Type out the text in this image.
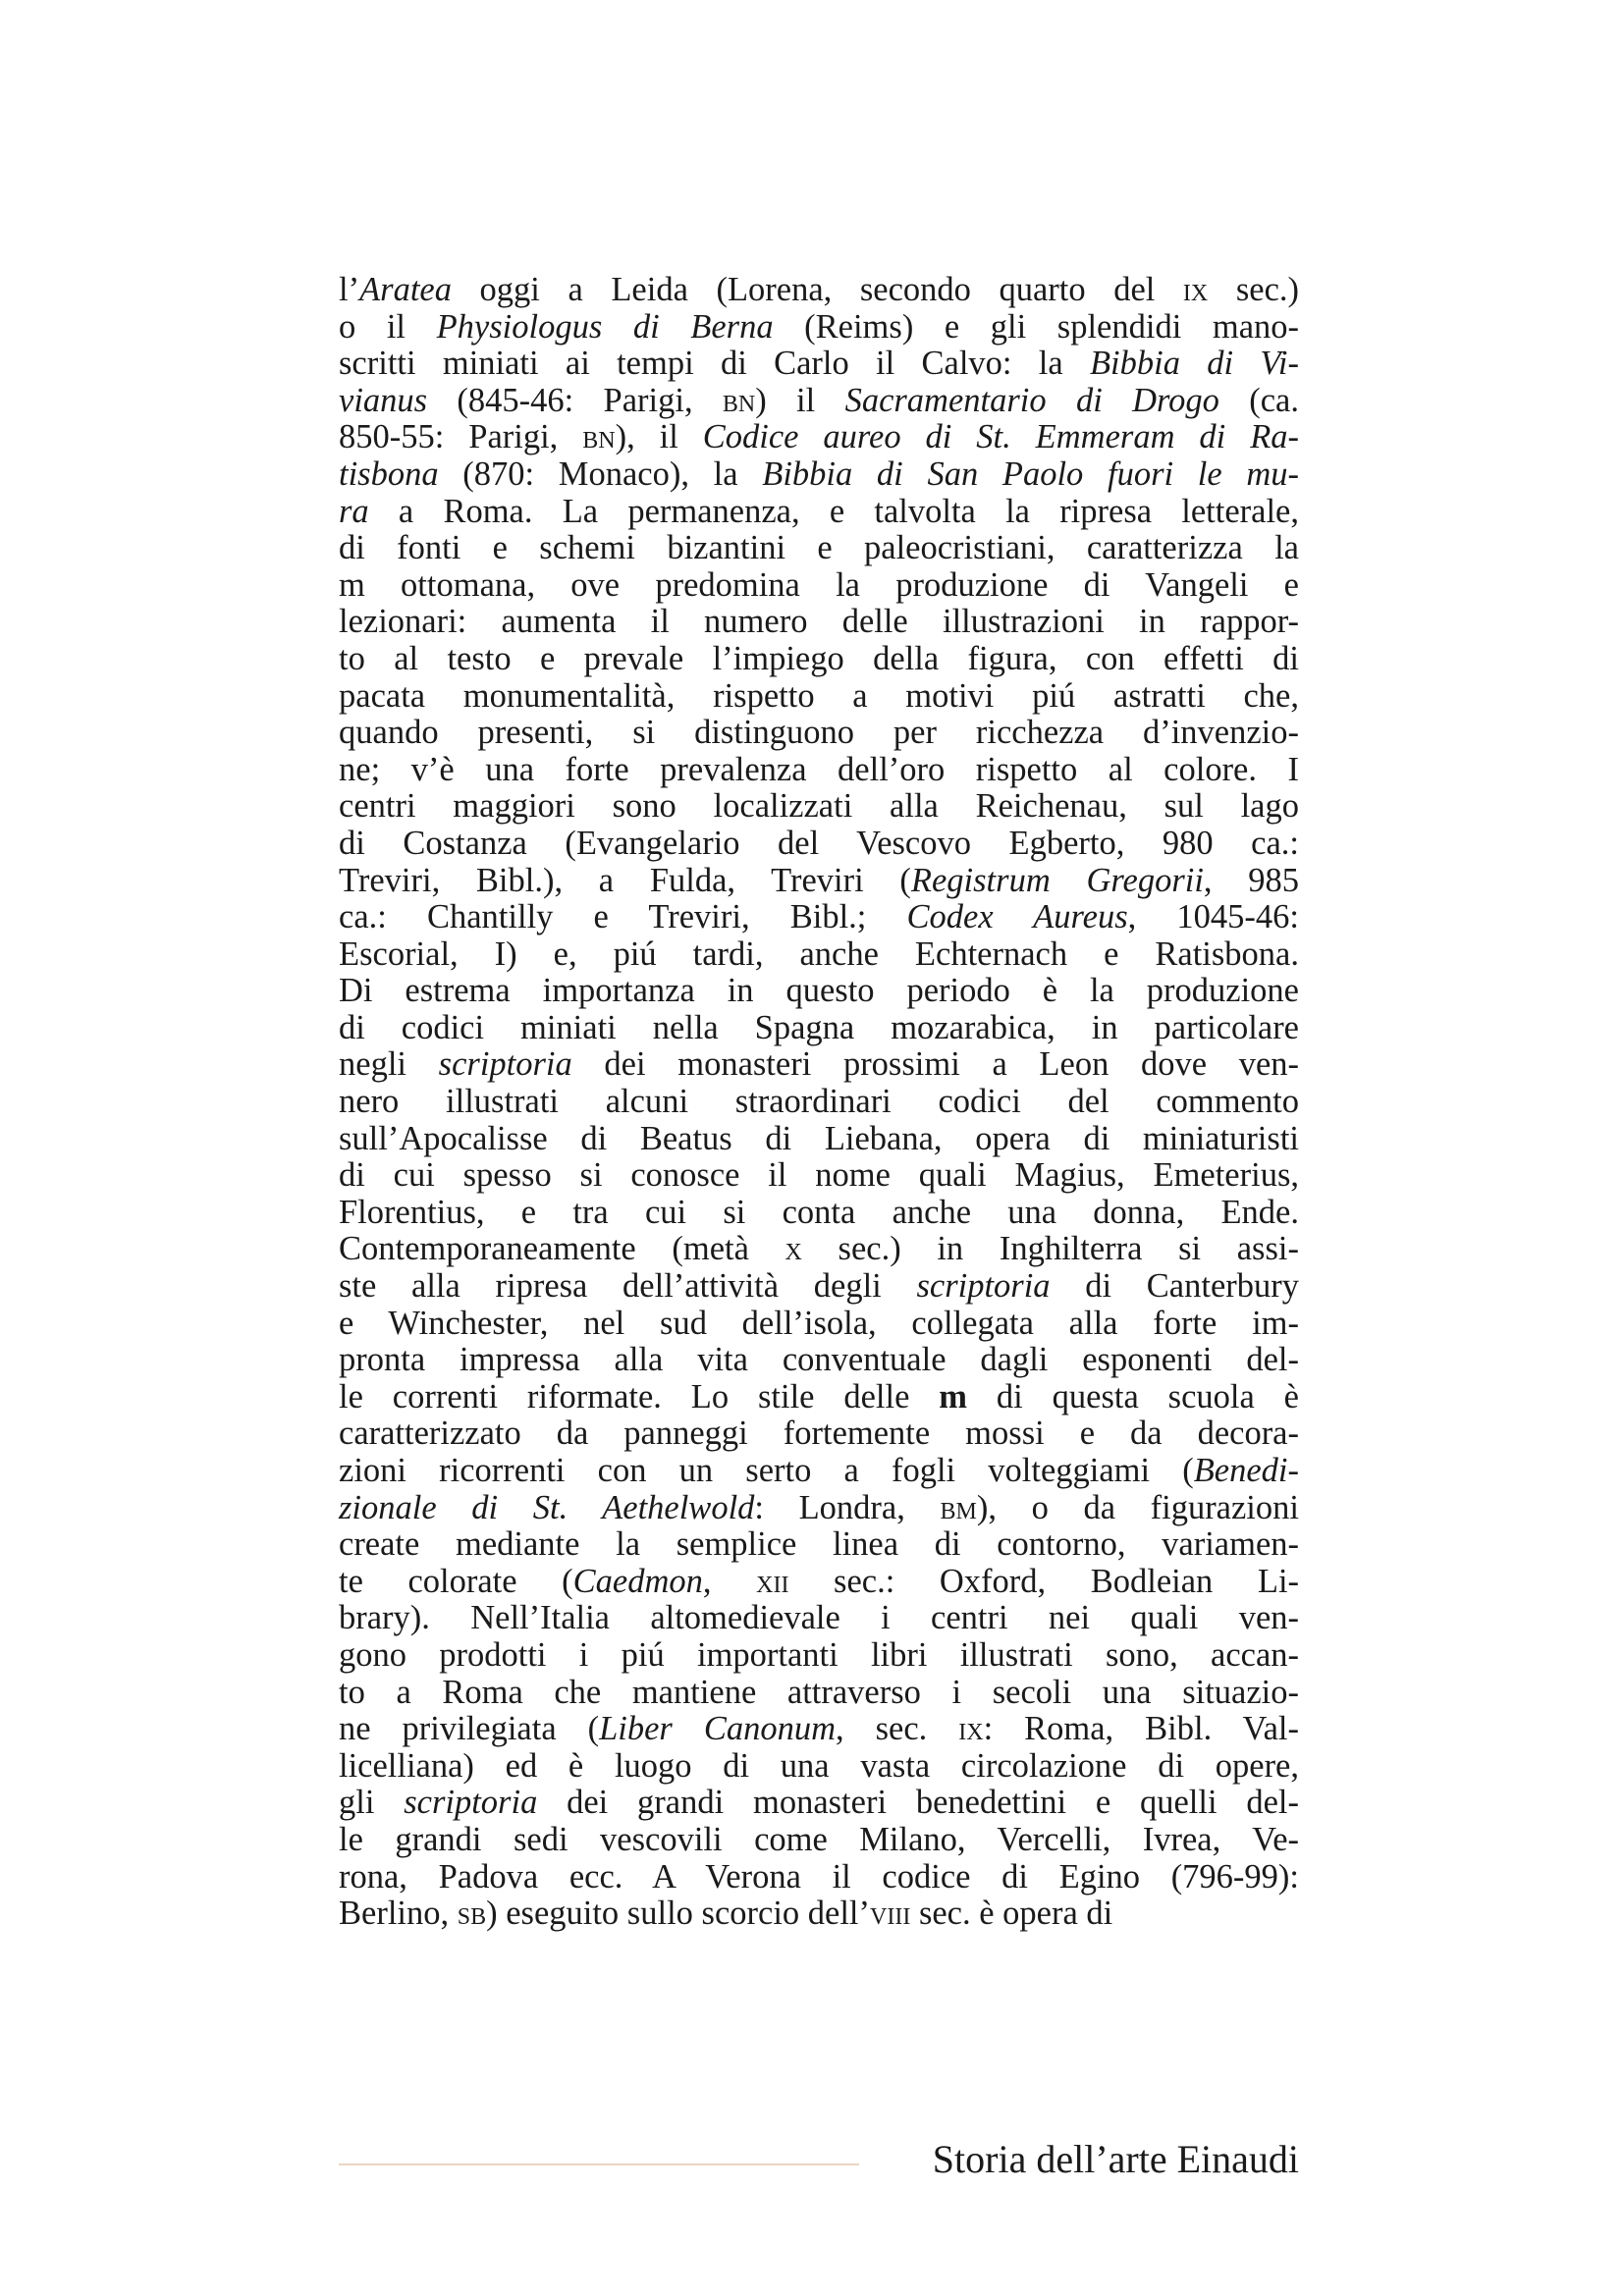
l’Aratea oggi a Leida (Lorena, secondo quarto del ix sec.)
o il Physiologus di Berna (Reims) e gli splendidi mano-
scritti miniati ai tempi di Carlo il Calvo: la Bibbia di Vi-
vianus (845-46: Parigi, bn) il Sacramentario di Drogo (ca.
850-55: Parigi, bn), il Codice aureo di St. Emmeram di Ra-
tisbona (870: Monaco), la Bibbia di San Paolo fuori le mu-
ra a Roma. La permanenza, e talvolta la ripresa letterale,
di fonti e schemi bizantini e paleocristiani, caratterizza la
m ottomana, ove predomina la produzione di Vangeli e
lezionari: aumenta il numero delle illustrazioni in rappor-
to al testo e prevale l’impiego della figura, con effetti di
pacata monumentalità, rispetto a motivi piú astratti che,
quando presenti, si distinguono per ricchezza d’invenzio-
ne; v’è una forte prevalenza dell’oro rispetto al colore. I
centri maggiori sono localizzati alla Reichenau, sul lago
di Costanza (Evangelario del Vescovo Egberto, 980 ca.:
Treviri, Bibl.), a Fulda, Treviri (Registrum Gregorii, 985
ca.: Chantilly e Treviri, Bibl.; Codex Aureus, 1045-46:
Escorial, I) e, piú tardi, anche Echternach e Ratisbona.
Di estrema importanza in questo periodo è la produzione
di codici miniati nella Spagna mozarabica, in particolare
negli scriptoria dei monasteri prossimi a Leon dove ven-
nero illustrati alcuni straordinari codici del commento
sull’Apocalisse di Beatus di Liebana, opera di miniaturisti
di cui spesso si conosce il nome quali Magius, Emeterius,
Florentius, e tra cui si conta anche una donna, Ende.
Contemporaneamente (metà x sec.) in Inghilterra si assi-
ste alla ripresa dell’attività degli scriptoria di Canterbury
e Winchester, nel sud dell’isola, collegata alla forte im-
pronta impressa alla vita conventuale dagli esponenti del-
le correnti riformate. Lo stile delle m di questa scuola è
caratterizzato da panneggi fortemente mossi e da decora-
zioni ricorrenti con un serto a fogli volteggiami (Benedi-
zionale di St. Aethelwold: Londra, bm), o da figurazioni
create mediante la semplice linea di contorno, variamen-
te colorate (Caedmon, xii sec.: Oxford, Bodleian Li-
brary). Nell’Italia altomedievale i centri nei quali ven-
gono prodotti i piú importanti libri illustrati sono, accan-
to a Roma che mantiene attraverso i secoli una situazio-
ne privilegiata (Liber Canonum, sec. ix: Roma, Bibl. Val-
licelliana) ed è luogo di una vasta circolazione di opere,
gli scriptoria dei grandi monasteri benedettini e quelli del-
le grandi sedi vescovili come Milano, Vercelli, Ivrea, Ve-
rona, Padova ecc. A Verona il codice di Egino (796-99):
Berlino, sb) eseguito sullo scorcio dell’viii sec. è opera di
Storia dell’arte Einaudi
